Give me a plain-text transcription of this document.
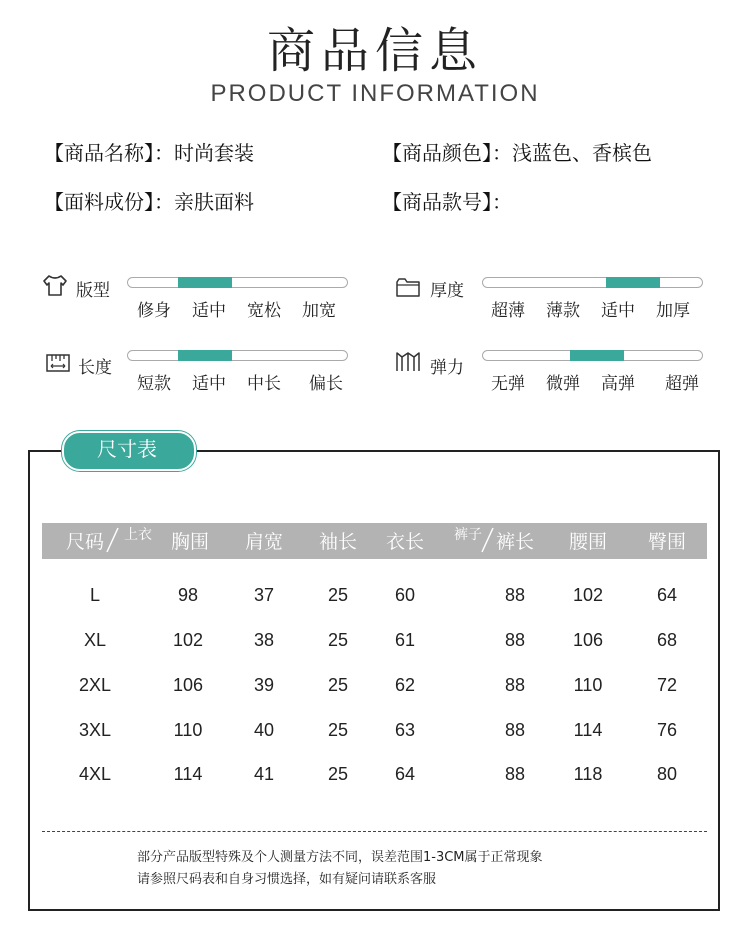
商品信息
PRODUCT INFORMATION
【商品名称】：时尚套装	【商品颜色】：浅蓝色、香槟色
【面料成份】：亲肤面料	【商品款号】：
版型
修身	适中	宽松	加宽
厚度
超薄	薄款	适中	加厚
长度
短款	适中	中长	偏长
弹力
无弹	微弹	高弹	超弹
尺寸表
尺码	上衣 胸围	肩宽	袖长	衣长	裤子 裤长	腰围	臀围
L	98	37	25	60	88	102	64
XL	102	38	25	61	88	106	68
2XL	106	39	25	62	88	110	72
3XL	110	40	25	63	88	114	76
4XL	114	41	25	64	88	118	80
部分产品版型特殊及个人测量方法不同，误差范围1-3CM属于正常现象
请参照尺码表和自身习惯选择，如有疑问请联系客服
